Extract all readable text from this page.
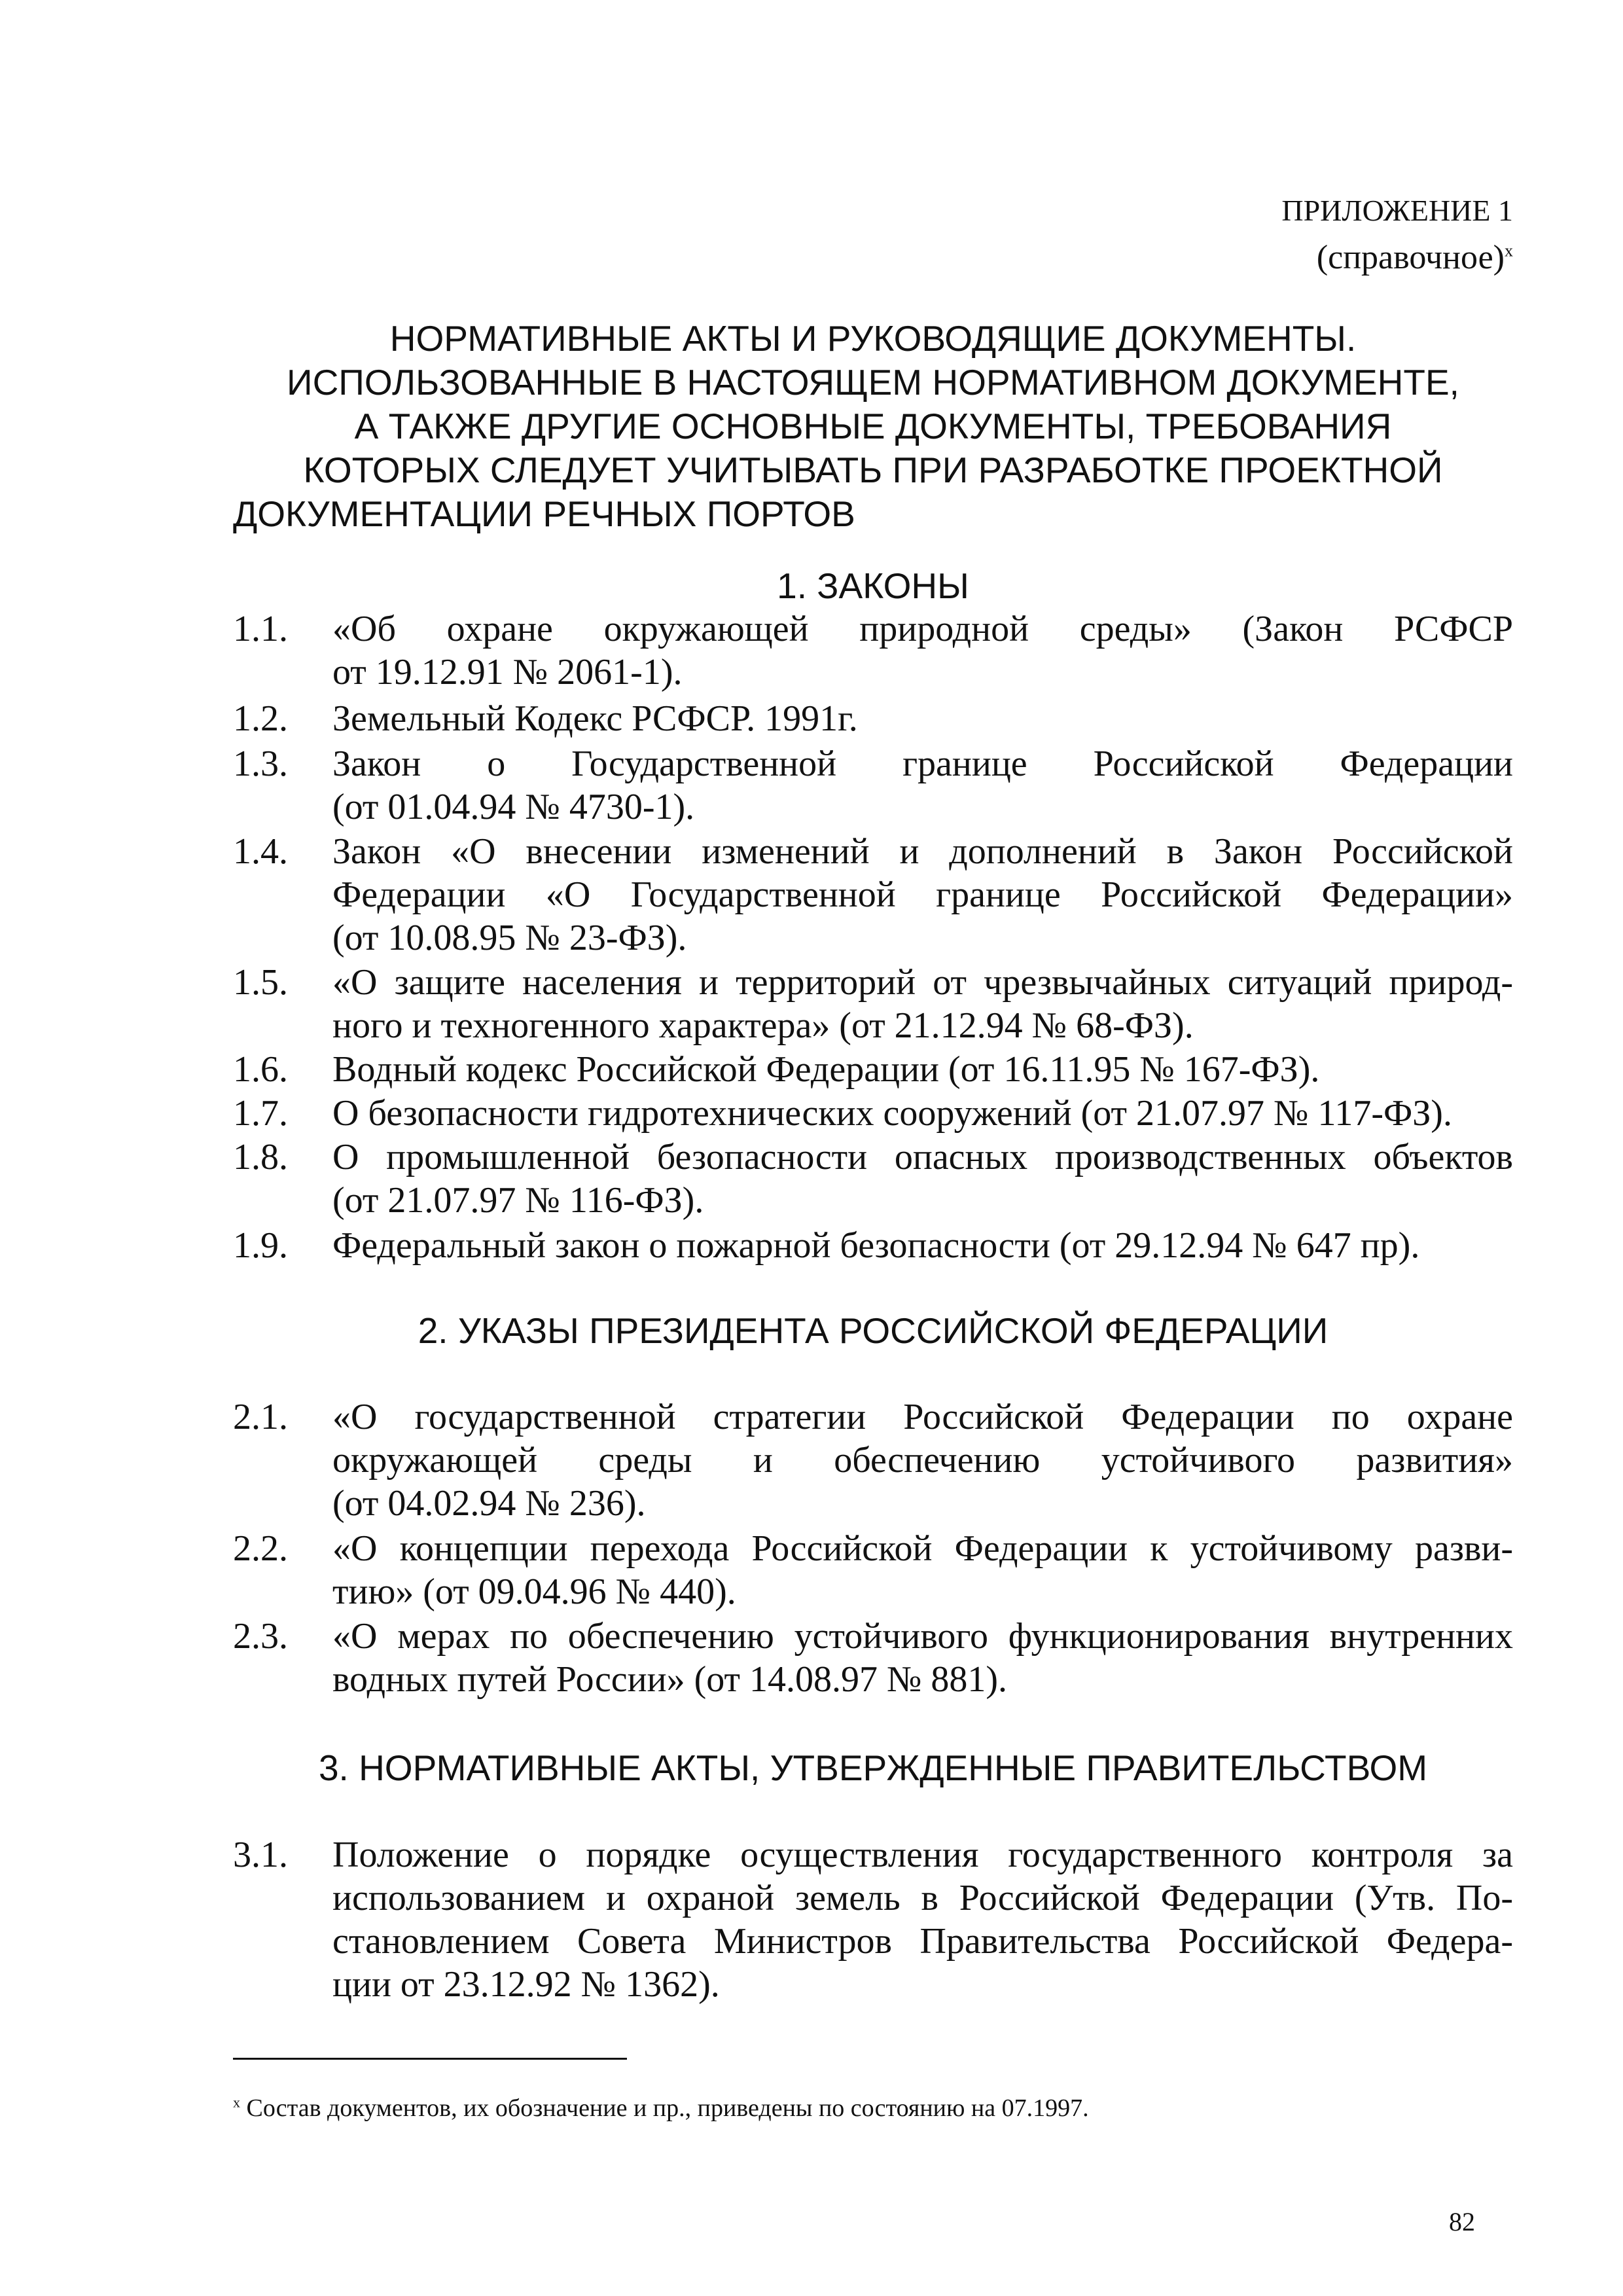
ПРИЛОЖЕНИЕ 1
(справочное)$^x$
НОРМАТИВНЫЕ АКТЫ И РУКОВОДЯЩИЕ ДОКУМЕНТЫ.
ИСПОЛЬЗОВАННЫЕ В НАСТОЯЩЕМ НОРМАТИВНОМ ДОКУМЕНТЕ,
А ТАКЖЕ ДРУГИЕ ОСНОВНЫЕ ДОКУМЕНТЫ, ТРЕБОВАНИЯ
КОТОРЫХ СЛЕДУЕТ УЧИТЫВАТЬ ПРИ РАЗРАБОТКЕ ПРОЕКТНОЙ
ДОКУМЕНТАЦИИ РЕЧНЫХ ПОРТОВ
1. ЗАКОНЫ
1.1. «Об охране окружающей природной среды» (Закон РСФСР
от 19.12.91 № 2061-1).
1.2. Земельный Кодекс РСФСР. 1991г.
1.3. Закон о Государственной границе Российской Федерации
(от 01.04.94 № 4730-1).
1.4. Закон «О внесении изменений и дополнений в Закон Российской
Федерации «О Государственной границе Российской Федерации»
(от 10.08.95 № 23-ФЗ).
1.5. «О защите населения и территорий от чрезвычайных ситуаций природ-
ного и техногенного характера» (от 21.12.94 № 68-ФЗ).
1.6. Водный кодекс Российской Федерации (от 16.11.95 № 167-ФЗ).
1.7. О безопасности гидротехнических сооружений (от 21.07.97 № 117-ФЗ).
1.8. О промышленной безопасности опасных производственных объектов
(от 21.07.97 № 116-ФЗ).
1.9. Федеральный закон о пожарной безопасности (от 29.12.94 № 647 пр).
2. УКАЗЫ ПРЕЗИДЕНТА РОССИЙСКОЙ ФЕДЕРАЦИИ
2.1. «О государственной стратегии Российской Федерации по охране
окружающей среды и обеспечению устойчивого развития»
(от 04.02.94 № 236).
2.2. «О концепции перехода Российской Федерации к устойчивому разви-
тию» (от 09.04.96 № 440).
2.3. «О мерах по обеспечению устойчивого функционирования внутренних
водных путей России» (от 14.08.97 № 881).
3. НОРМАТИВНЫЕ АКТЫ, УТВЕРЖДЕННЫЕ ПРАВИТЕЛЬСТВОМ
3.1. Положение о порядке осуществления государственного контроля за
использованием и охраной земель в Российской Федерации (Утв. По-
становлением Совета Министров Правительства Российской Федера-
ции от 23.12.92 № 1362).
$^x$ Состав документов, их обозначение и пр., приведены по состоянию на 07.1997.
82
